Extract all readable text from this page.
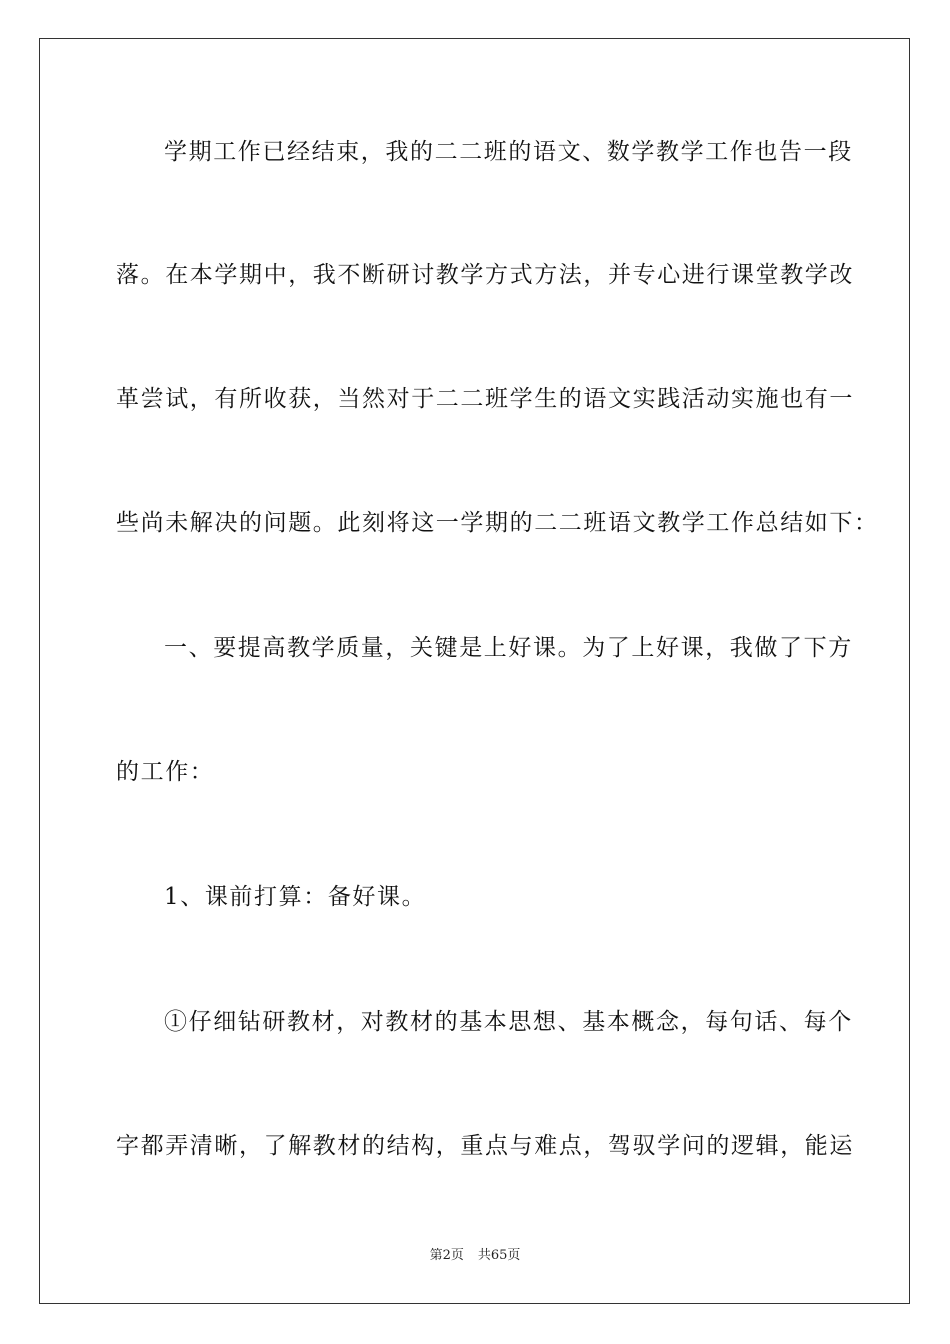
学期工作已经结束，我的二二班的语文、数学教学工作也告一段
落。在本学期中，我不断研讨教学方式方法，并专心进行课堂教学改
革尝试，有所收获，当然对于二二班学生的语文实践活动实施也有一
些尚未解决的问题。此刻将这一学期的二二班语文教学工作总结如下：
一、要提高教学质量，关键是上好课。为了上好课，我做了下方
的工作：
1、课前打算：备好课。
①仔细钻研教材，对教材的基本思想、基本概念，每句话、每个
字都弄清晰，了解教材的结构，重点与难点，驾驭学问的逻辑，能运
第2页 共65页
